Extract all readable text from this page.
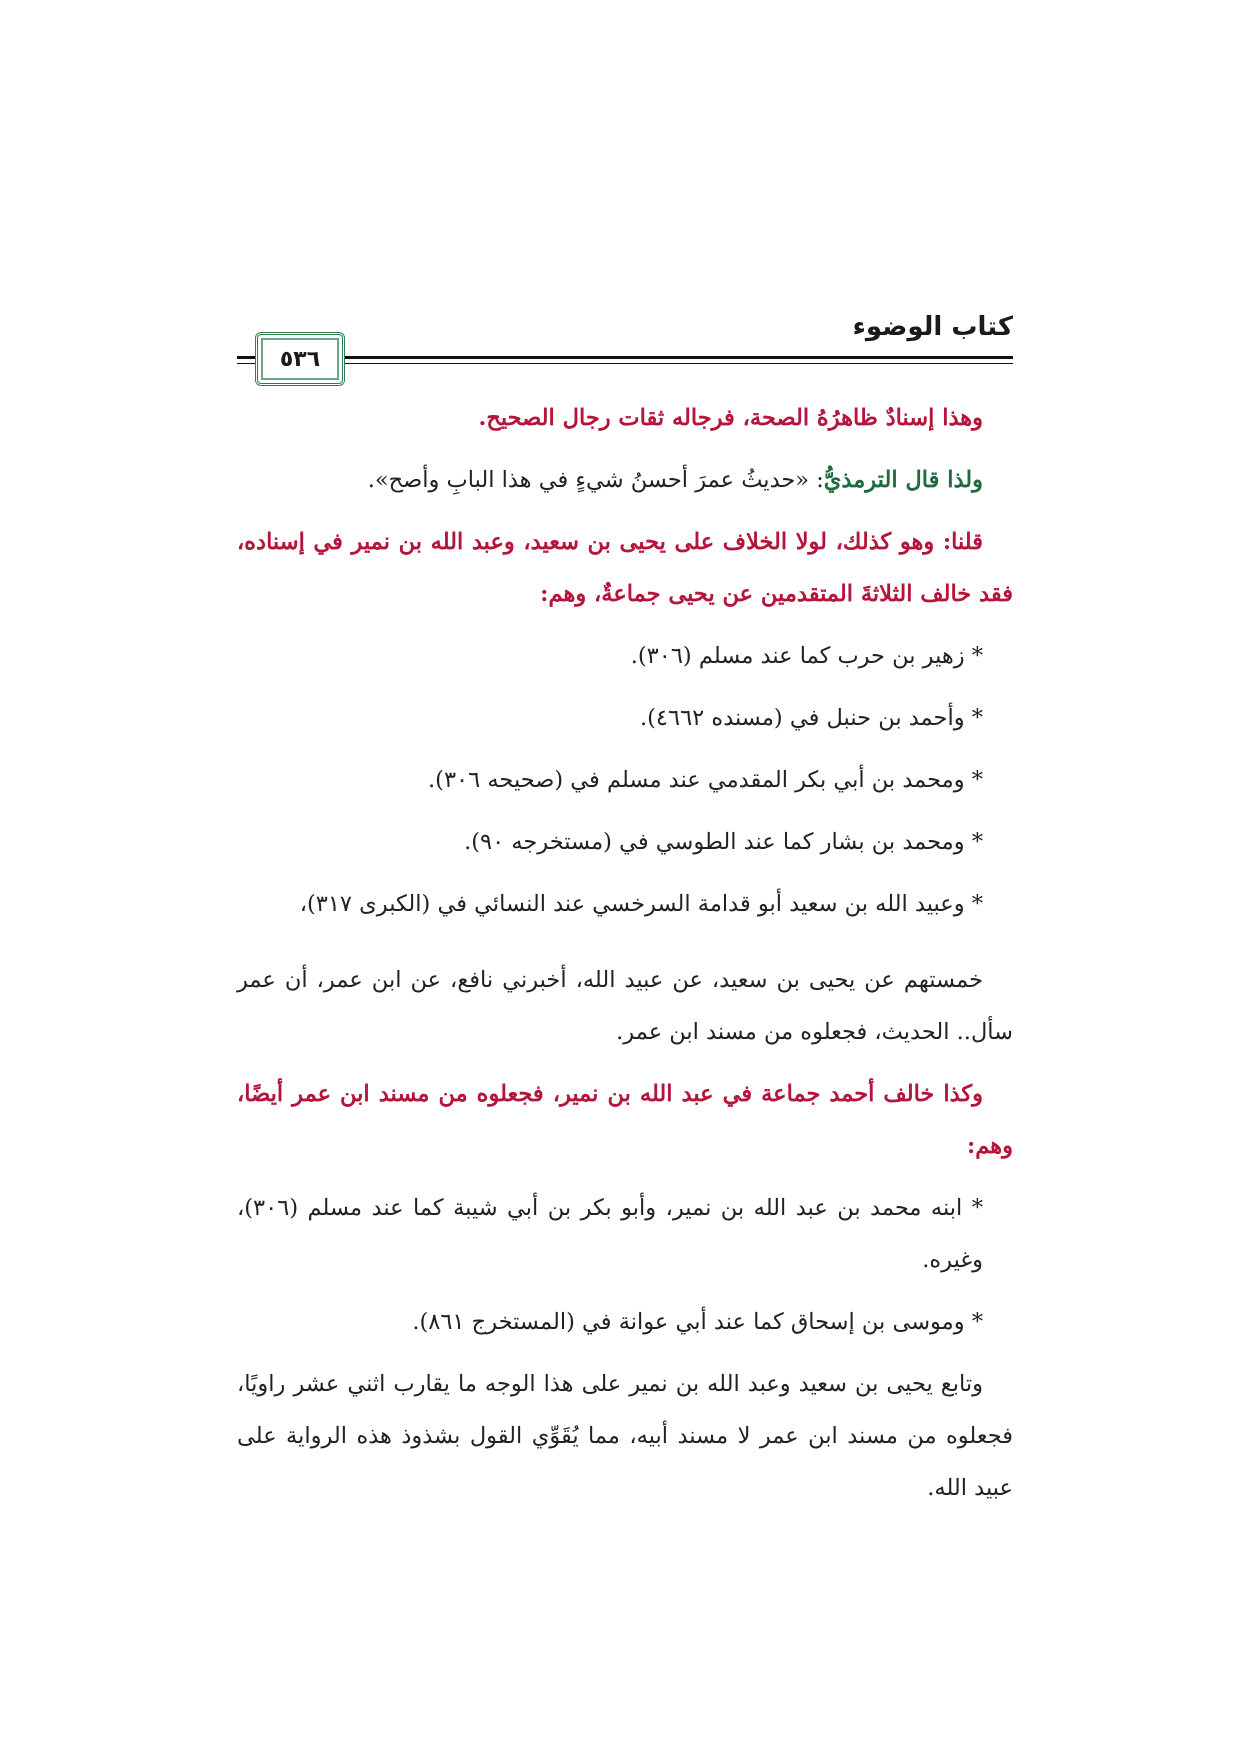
كتاب الوضوء
٥٣٦

وهذا إسنادٌ ظاهرُهُ الصحة، فرجاله ثقات رجال الصحيح.

ولذا قال الترمذيُّ: «حديثُ عمرَ أحسنُ شيءٍ في هذا البابِ وأصح».

قلنا: وهو كذلك، لولا الخلاف على يحيى بن سعيد، وعبد الله بن نمير في إسناده، فقد خالف الثلاثةَ المتقدمين عن يحيى جماعةٌ، وهم:

* زهير بن حرب كما عند مسلم (٣٠٦).

* وأحمد بن حنبل في (مسنده ٤٦٦٢).

* ومحمد بن أبي بكر المقدمي عند مسلم في (صحيحه ٣٠٦).

* ومحمد بن بشار كما عند الطوسي في (مستخرجه ٩٠).

* وعبيد الله بن سعيد أبو قدامة السرخسي عند النسائي في (الكبرى ٣١٧)،

خمستهم عن يحيى بن سعيد، عن عبيد الله، أخبرني نافع، عن ابن عمر، أن عمر سأل.. الحديث، فجعلوه من مسند ابن عمر.

وكذا خالف أحمد جماعة في عبد الله بن نمير، فجعلوه من مسند ابن عمر أيضًا، وهم:

* ابنه محمد بن عبد الله بن نمير، وأبو بكر بن أبي شيبة كما عند مسلم (٣٠٦)، وغيره.

* وموسى بن إسحاق كما عند أبي عوانة في (المستخرج ٨٦١).

وتابع يحيى بن سعيد وعبد الله بن نمير على هذا الوجه ما يقارب اثني عشر راويًا، فجعلوه من مسند ابن عمر لا مسند أبيه، مما يُقَوِّي القول بشذوذ هذه الرواية على عبيد الله.
